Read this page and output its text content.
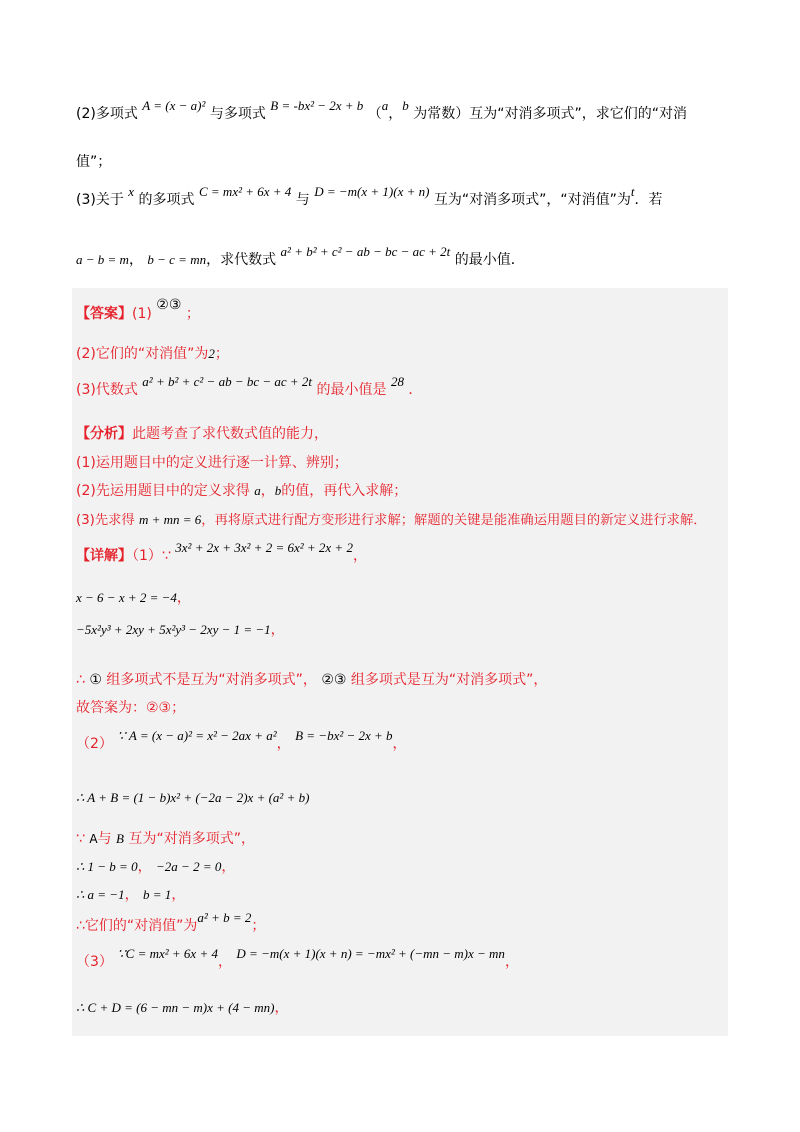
(2)多项式 A = (x − a)² 与多项式 B = -bx² − 2x + b （a，b 为常数）互为“对消多项式”，求它们的“对消
值”；
(3)关于 x 的多项式 C = mx² + 6x + 4 与 D = −m(x + 1)(x + n) 互为“对消多项式”，“对消值”为t．若
a − b = m， b − c = mn，求代数式 a² + b² + c² − ab − bc − ac + 2t 的最小值．
【答案】(1) ②③ ；
(2)它们的“对消值”为2；
(3)代数式 a² + b² + c² − ab − bc − ac + 2t 的最小值是 28 ．
【分析】此题考查了求代数式值的能力，
(1)运用题目中的定义进行逐一计算、辨别；
(2)先运用题目中的定义求得 a，b的值，再代入求解；
(3)先求得 m + mn = 6，再将原式进行配方变形进行求解；解题的关键是能准确运用题目的新定义进行求解．
【详解】（1）∵ 3x² + 2x + 3x² + 2 = 6x² + 2x + 2，
x − 6 − x + 2 = −4，
−5x²y³ + 2xy + 5x²y³ − 2xy − 1 = −1，
∴ ① 组多项式不是互为“对消多项式”， ②③ 组多项式是互为“对消多项式”，
故答案为：②③；
（2） ∵ A = (x − a)² = x² − 2ax + a²， B = −bx² − 2x + b，
∴ A + B = (1 − b)x² + (−2a − 2)x + (a² + b)
∵ A与 B 互为“对消多项式”，
∴ 1 − b = 0， −2a − 2 = 0，
∴ a = −1， b = 1，
∴它们的“对消值”为a² + b = 2；
（3） ∵C = mx² + 6x + 4， D = −m(x + 1)(x + n) = −mx² + (−mn − m)x − mn，
∴ C + D = (6 − mn − m)x + (4 − mn)，
